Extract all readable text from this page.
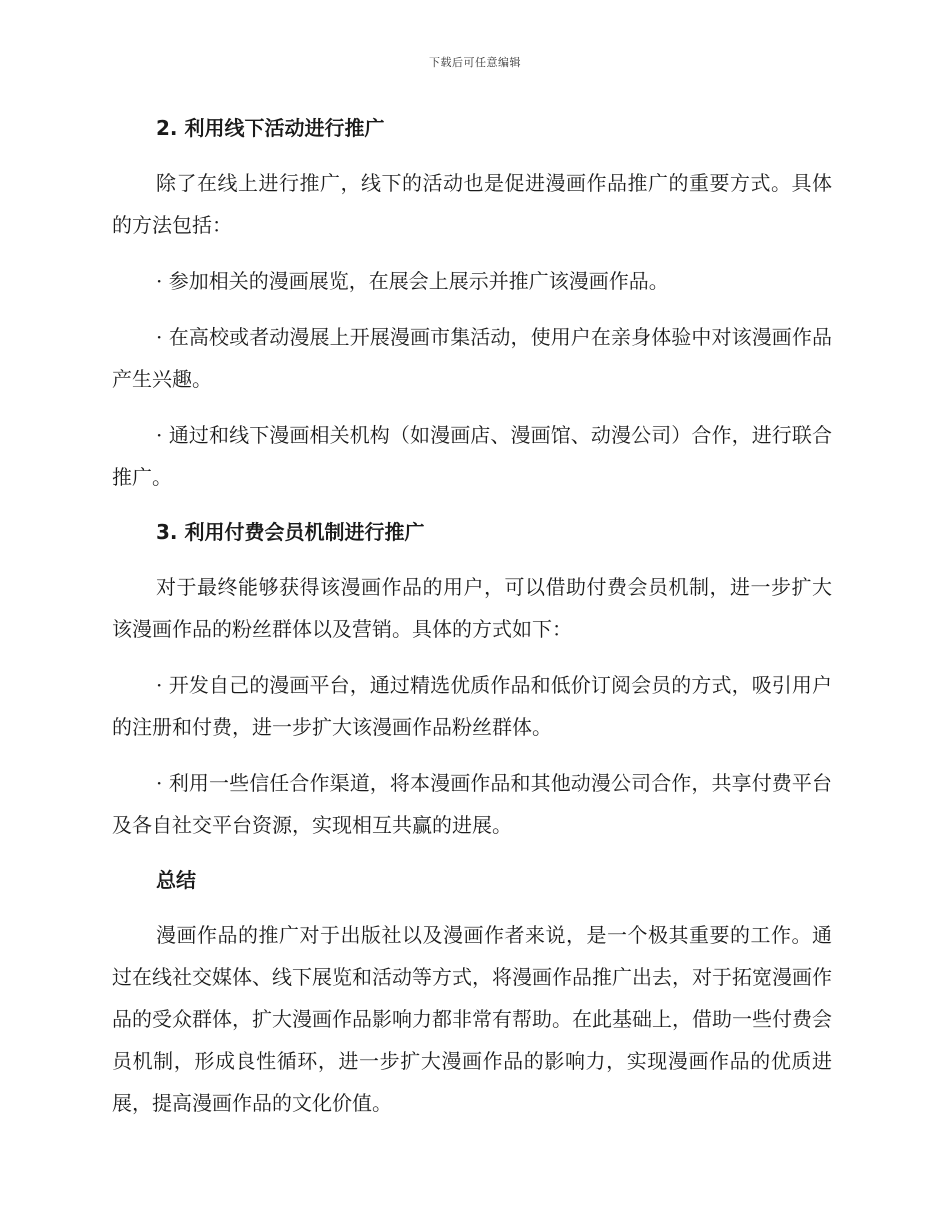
下载后可任意编辑
2. 利用线下活动进行推广

除了在线上进行推广，线下的活动也是促进漫画作品推广的重要方式。具体的方法包括：

· 参加相关的漫画展览，在展会上展示并推广该漫画作品。

· 在高校或者动漫展上开展漫画市集活动，使用户在亲身体验中对该漫画作品产生兴趣。

· 通过和线下漫画相关机构（如漫画店、漫画馆、动漫公司）合作，进行联合推广。

3. 利用付费会员机制进行推广

对于最终能够获得该漫画作品的用户，可以借助付费会员机制，进一步扩大该漫画作品的粉丝群体以及营销。具体的方式如下：

· 开发自己的漫画平台，通过精选优质作品和低价订阅会员的方式，吸引用户的注册和付费，进一步扩大该漫画作品粉丝群体。

· 利用一些信任合作渠道，将本漫画作品和其他动漫公司合作，共享付费平台及各自社交平台资源，实现相互共赢的进展。

总结

漫画作品的推广对于出版社以及漫画作者来说，是一个极其重要的工作。通过在线社交媒体、线下展览和活动等方式，将漫画作品推广出去，对于拓宽漫画作品的受众群体，扩大漫画作品影响力都非常有帮助。在此基础上，借助一些付费会员机制，形成良性循环，进一步扩大漫画作品的影响力，实现漫画作品的优质进展，提高漫画作品的文化价值。
